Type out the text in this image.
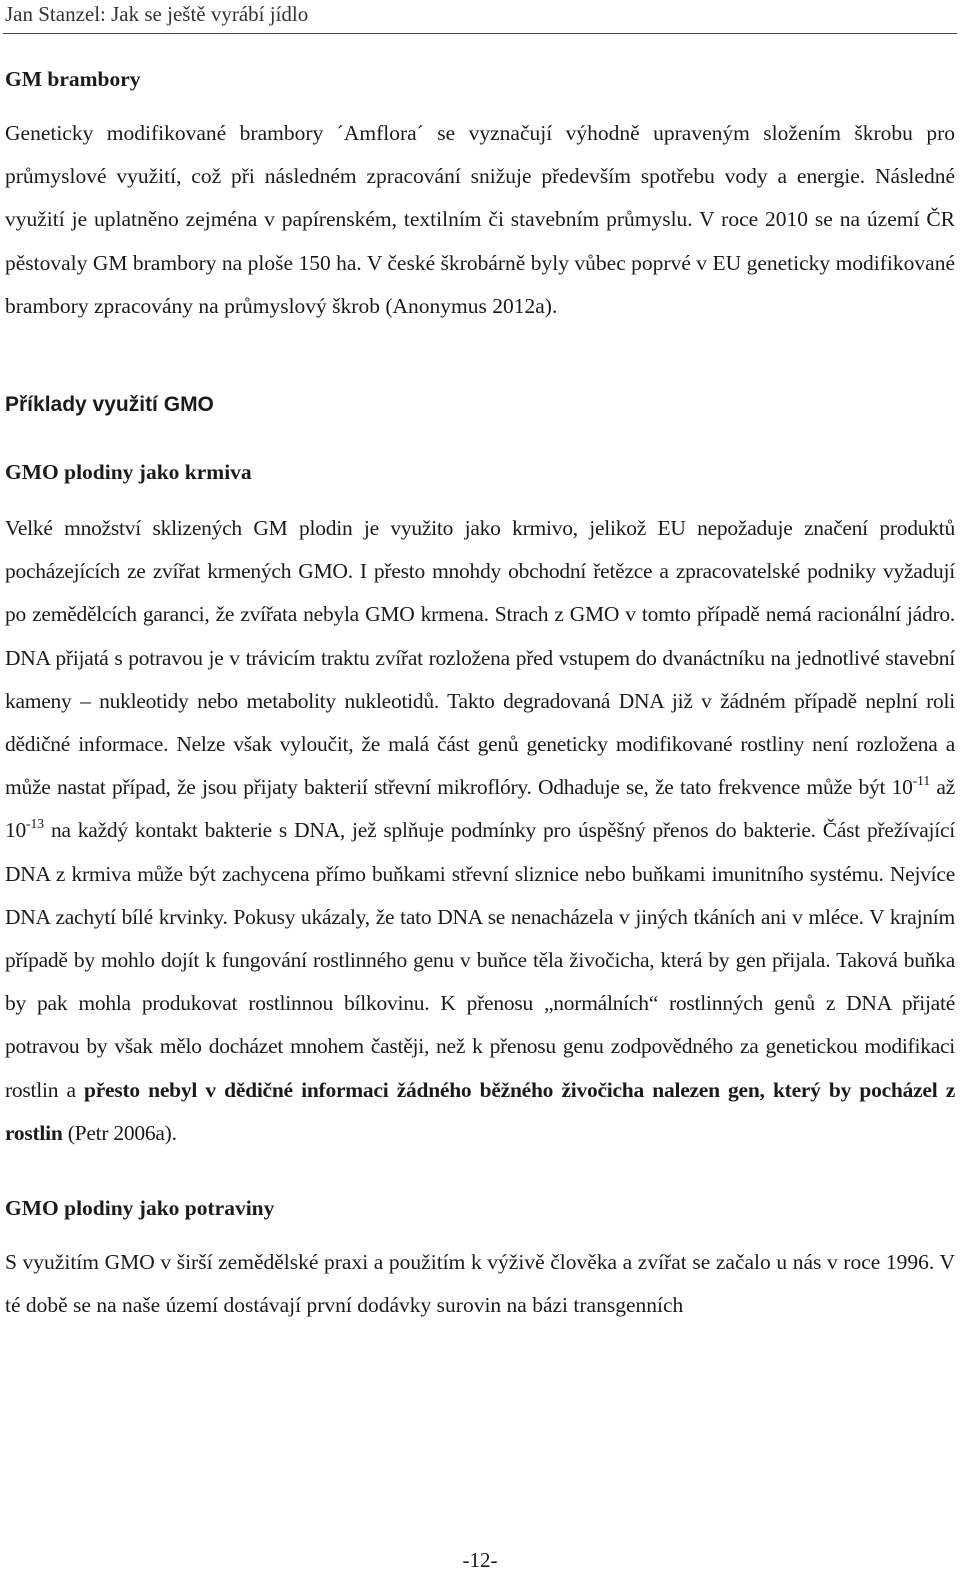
Jan Stanzel: Jak se ještě vyrábí jídlo
GM brambory

Geneticky modifikované brambory ´Amflora´ se vyznačují výhodně upraveným složením škrobu pro průmyslové využití, což při následném zpracování snižuje především spotřebu vody a energie. Následné využití je uplatněno zejména v papírenském, textilním či stavebním průmyslu. V roce 2010 se na území ČR pěstovaly GM brambory na ploše 150 ha. V české škrobárně byly vůbec poprvé v EU geneticky modifikované brambory zpracovány na průmyslový škrob (Anonymus 2012a).

Příklady využití GMO
GMO plodiny jako krmiva

Velké množství sklizených GM plodin je využito jako krmivo, jelikož EU nepožaduje značení produktů pocházejících ze zvířat krmených GMO. I přesto mnohdy obchodní řetězce a zpracovatelské podniky vyžadují po zemědělcích garanci, že zvířata nebyla GMO krmena. Strach z GMO v tomto případě nemá racionální jádro. DNA přijatá s potravou je v trávicím traktu zvířat rozložena před vstupem do dvanáctníku na jednotlivé stavební kameny – nukleotidy nebo metabolity nukleotidů. Takto degradovaná DNA již v žádném případě neplní roli dědičné informace. Nelze však vyloučit, že malá část genů geneticky modifikované rostliny není rozložena a může nastat případ, že jsou přijaty bakterií střevní mikroflóry. Odhaduje se, že tato frekvence může být $10^{-11}$ až $10^{-13}$ na každý kontakt bakterie s DNA, jež splňuje podmínky pro úspěšný přenos do bakterie. Část přežívající DNA z krmiva může být zachycena přímo buňkami střevní sliznice nebo buňkami imunitního systému. Nejvíce DNA zachytí bílé krvinky. Pokusy ukázaly, že tato DNA se nenacházela v jiných tkáních ani v mléce. V krajním případě by mohlo dojít k fungování rostlinného genu v buňce těla živočicha, která by gen přijala. Taková buňka by pak mohla produkovat rostlinnou bílkovinu. K přenosu „normálních“ rostlinných genů z DNA přijaté potravou by však mělo docházet mnohem častěji, než k přenosu genu zodpovědného za genetickou modifikaci rostlin a přesto nebyl v dědičné informaci žádného běžného živočicha nalezen gen, který by pocházel z rostlin (Petr 2006a).

GMO plodiny jako potraviny

S využitím GMO v širší zemědělské praxi a použitím k výživě člověka a zvířat se začalo u nás v roce 1996. V té době se na naše území dostávají první dodávky surovin na bázi transgenních

-12-
